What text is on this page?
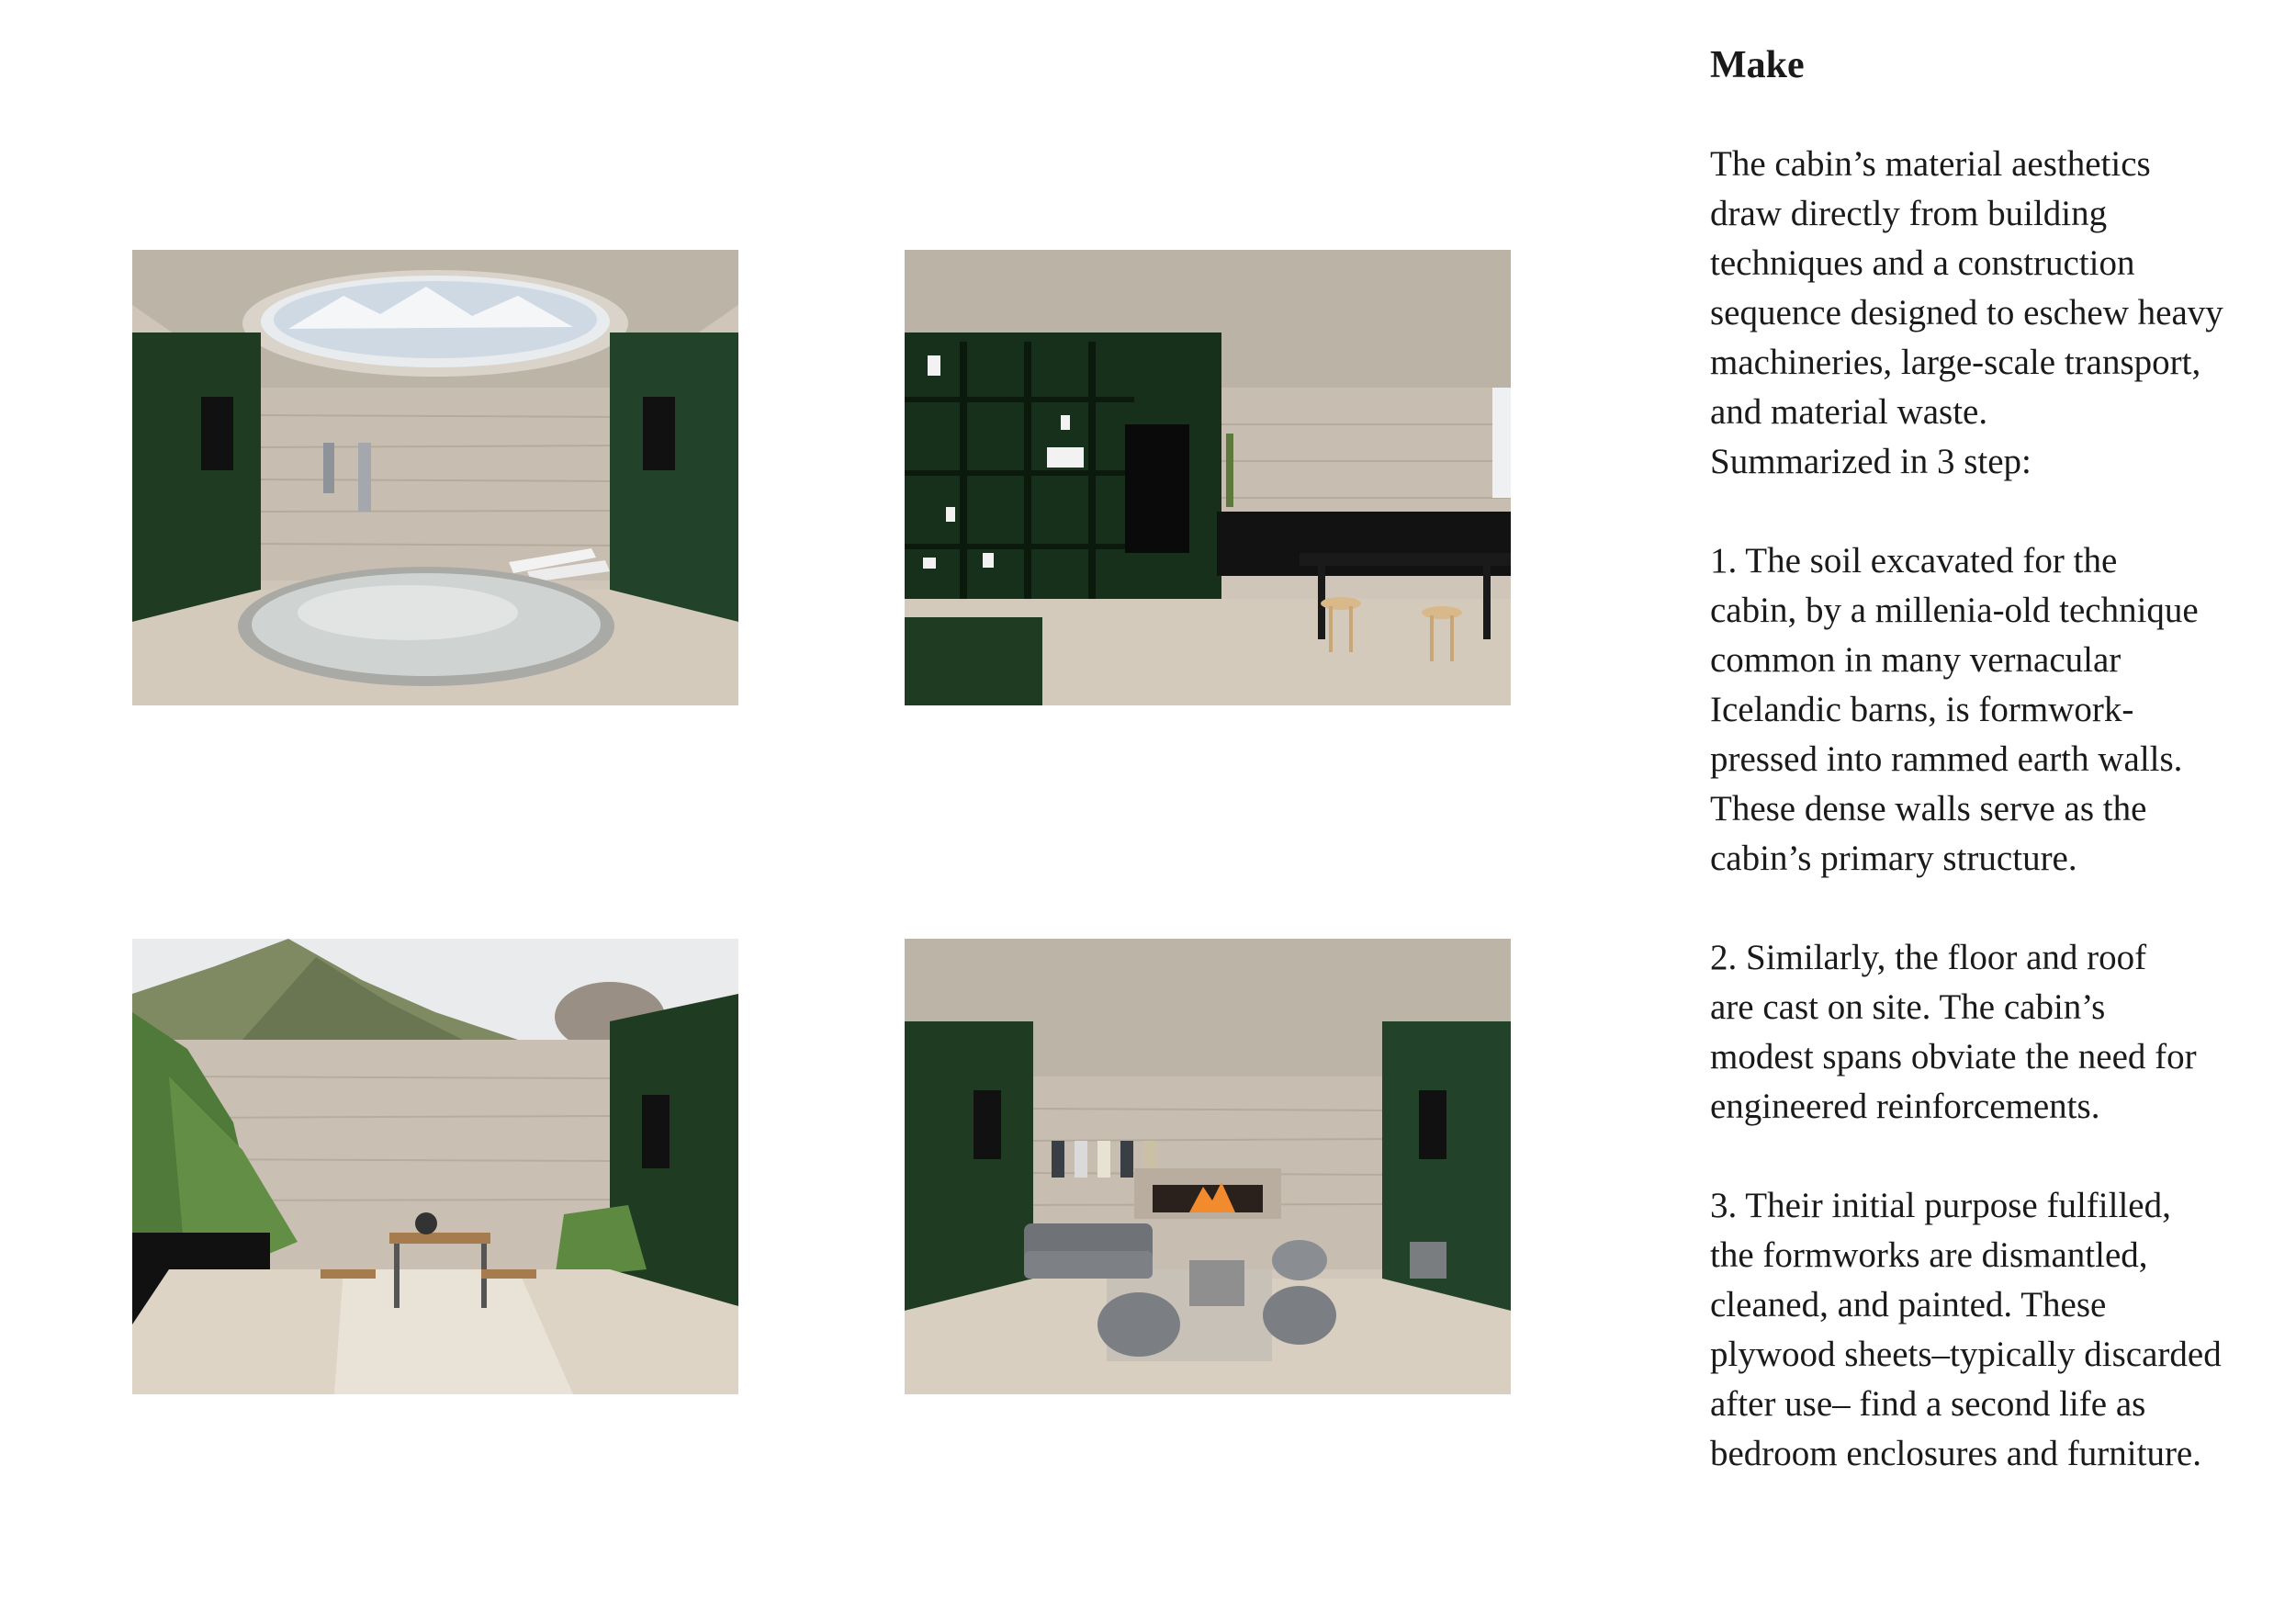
Make

The cabin’s material aesthetics
draw directly from building
techniques and a construction
sequence designed to eschew heavy
machineries, large-scale transport,
and material waste.
Summarized in 3 step:

1. The soil excavated for the
cabin, by a millenia-old technique
common in many vernacular
Icelandic barns, is formwork-
pressed into rammed earth walls.
These dense walls serve as the
cabin’s primary structure.

2. Similarly, the floor and roof
are cast on site. The cabin’s
modest spans obviate the need for
engineered reinforcements.

3. Their initial purpose fulfilled,
the formworks are dismantled,
cleaned, and painted. These
plywood sheets–typically discarded
after use– find a second life as
bedroom enclosures and furniture.
